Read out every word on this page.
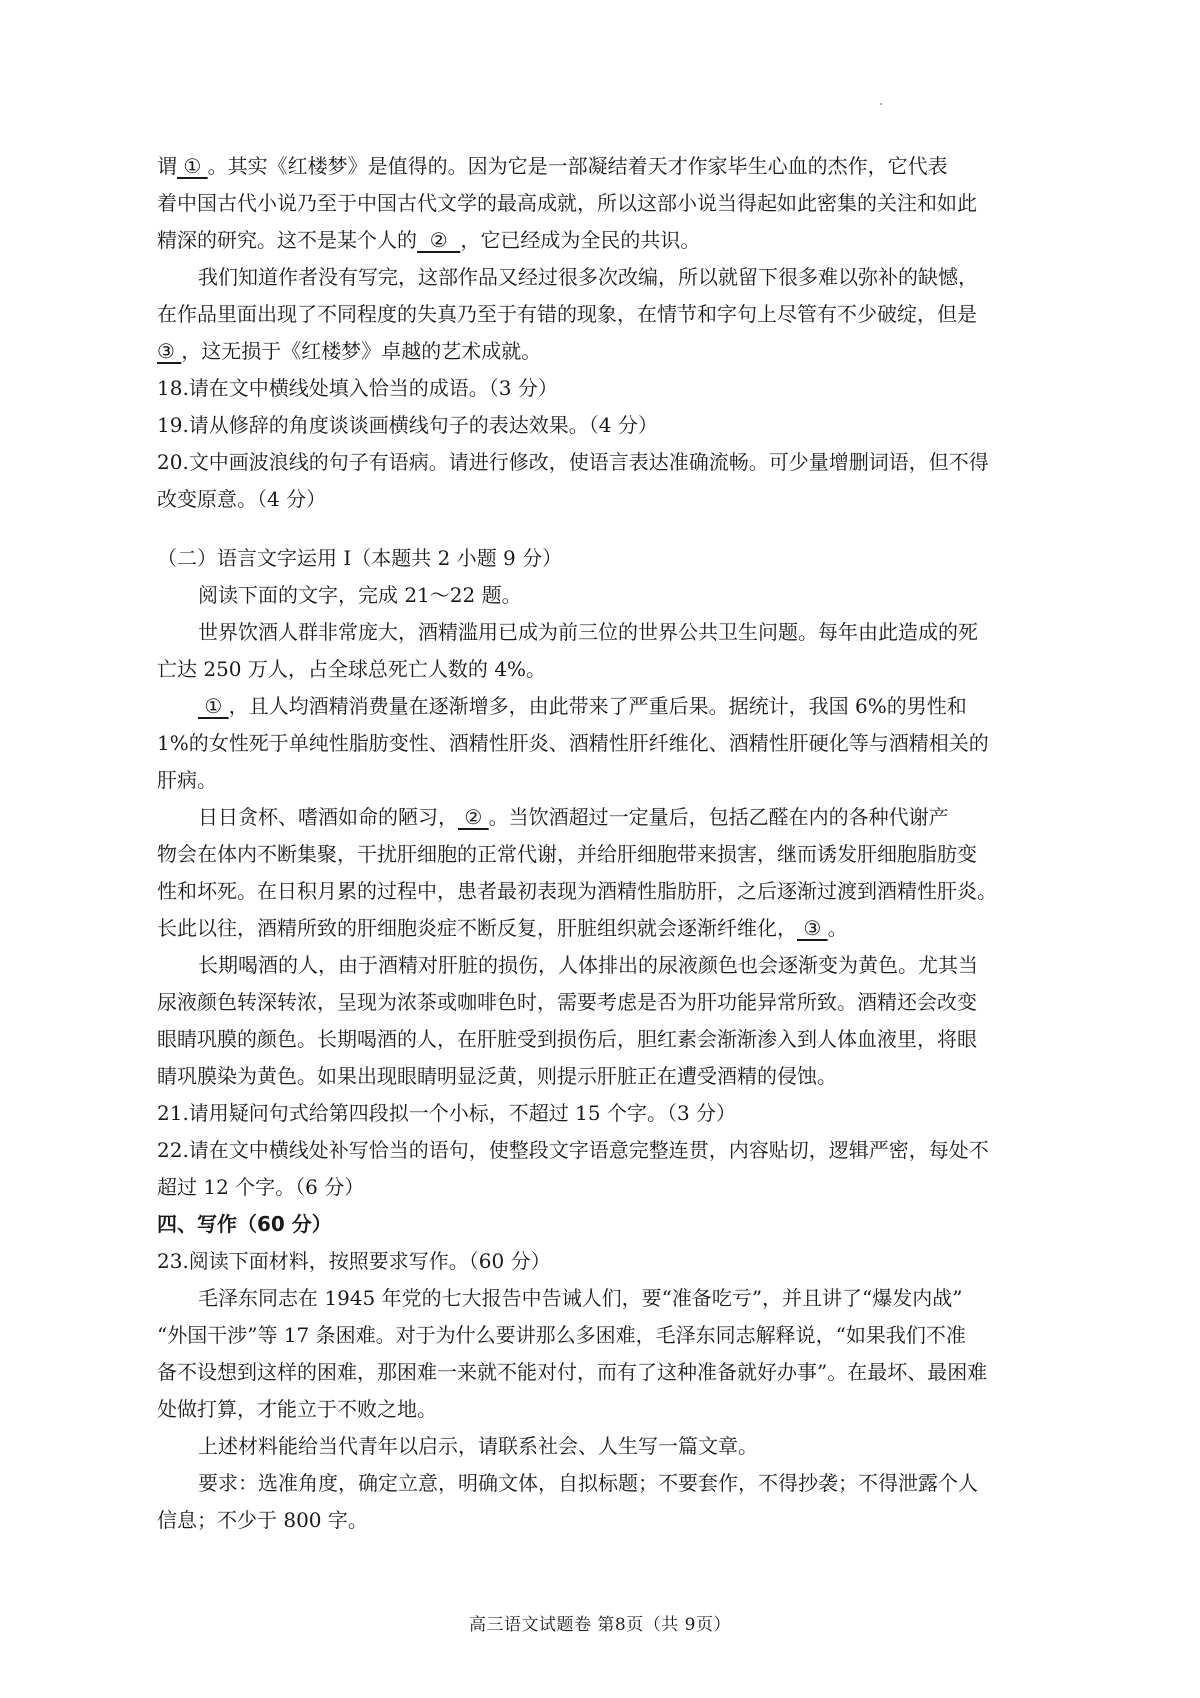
谓 ① 。其实《红楼梦》是值得的。因为它是一部凝结着天才作家毕生心血的杰作，它代表
着中国古代小说乃至于中国古代文学的最高成就，所以这部小说当得起如此密集的关注和如此
精深的研究。这不是某个人的  ②  ，它已经成为全民的共识。
我们知道作者没有写完，这部作品又经过很多次改编，所以就留下很多难以弥补的缺憾，
在作品里面出现了不同程度的失真乃至于有错的现象，在情节和字句上尽管有不少破绽，但是
③ ，这无损于《红楼梦》卓越的艺术成就。
18.请在文中横线处填入恰当的成语。（3 分）
19.请从修辞的角度谈谈画横线句子的表达效果。（4 分）
20.文中画波浪线的句子有语病。请进行修改，使语言表达准确流畅。可少量增删词语，但不得
改变原意。（4 分）
（二）语言文字运用 I（本题共 2 小题 9 分）
阅读下面的文字，完成 21～22 题。
世界饮酒人群非常庞大，酒精滥用已成为前三位的世界公共卫生问题。每年由此造成的死
亡达 250 万人，占全球总死亡人数的 4%。
① ，且人均酒精消费量在逐渐增多，由此带来了严重后果。据统计，我国 6%的男性和
1%的女性死于单纯性脂肪变性、酒精性肝炎、酒精性肝纤维化、酒精性肝硬化等与酒精相关的
肝病。
日日贪杯、嗜酒如命的陋习， ② 。当饮酒超过一定量后，包括乙醛在内的各种代谢产
物会在体内不断集聚，干扰肝细胞的正常代谢，并给肝细胞带来损害，继而诱发肝细胞脂肪变
性和坏死。在日积月累的过程中，患者最初表现为酒精性脂肪肝，之后逐渐过渡到酒精性肝炎。
长此以往，酒精所致的肝细胞炎症不断反复，肝脏组织就会逐渐纤维化， ③ 。
长期喝酒的人，由于酒精对肝脏的损伤，人体排出的尿液颜色也会逐渐变为黄色。尤其当
尿液颜色转深转浓，呈现为浓茶或咖啡色时，需要考虑是否为肝功能异常所致。酒精还会改变
眼睛巩膜的颜色。长期喝酒的人，在肝脏受到损伤后，胆红素会渐渐渗入到人体血液里，将眼
睛巩膜染为黄色。如果出现眼睛明显泛黄，则提示肝脏正在遭受酒精的侵蚀。
21.请用疑问句式给第四段拟一个小标，不超过 15 个字。（3 分）
22.请在文中横线处补写恰当的语句，使整段文字语意完整连贯，内容贴切，逻辑严密，每处不
超过 12 个字。（6 分）
四、写作（60 分）
23.阅读下面材料，按照要求写作。（60 分）
毛泽东同志在 1945 年党的七大报告中告诫人们，要“准备吃亏”，并且讲了“爆发内战”
“外国干涉”等 17 条困难。对于为什么要讲那么多困难，毛泽东同志解释说，“如果我们不准
备不设想到这样的困难，那困难一来就不能对付，而有了这种准备就好办事”。在最坏、最困难
处做打算，才能立于不败之地。
上述材料能给当代青年以启示，请联系社会、人生写一篇文章。
要求：选准角度，确定立意，明确文体，自拟标题；不要套作，不得抄袭；不得泄露个人
信息；不少于 800 字。
高三语文试题卷 第8页（共 9页）
